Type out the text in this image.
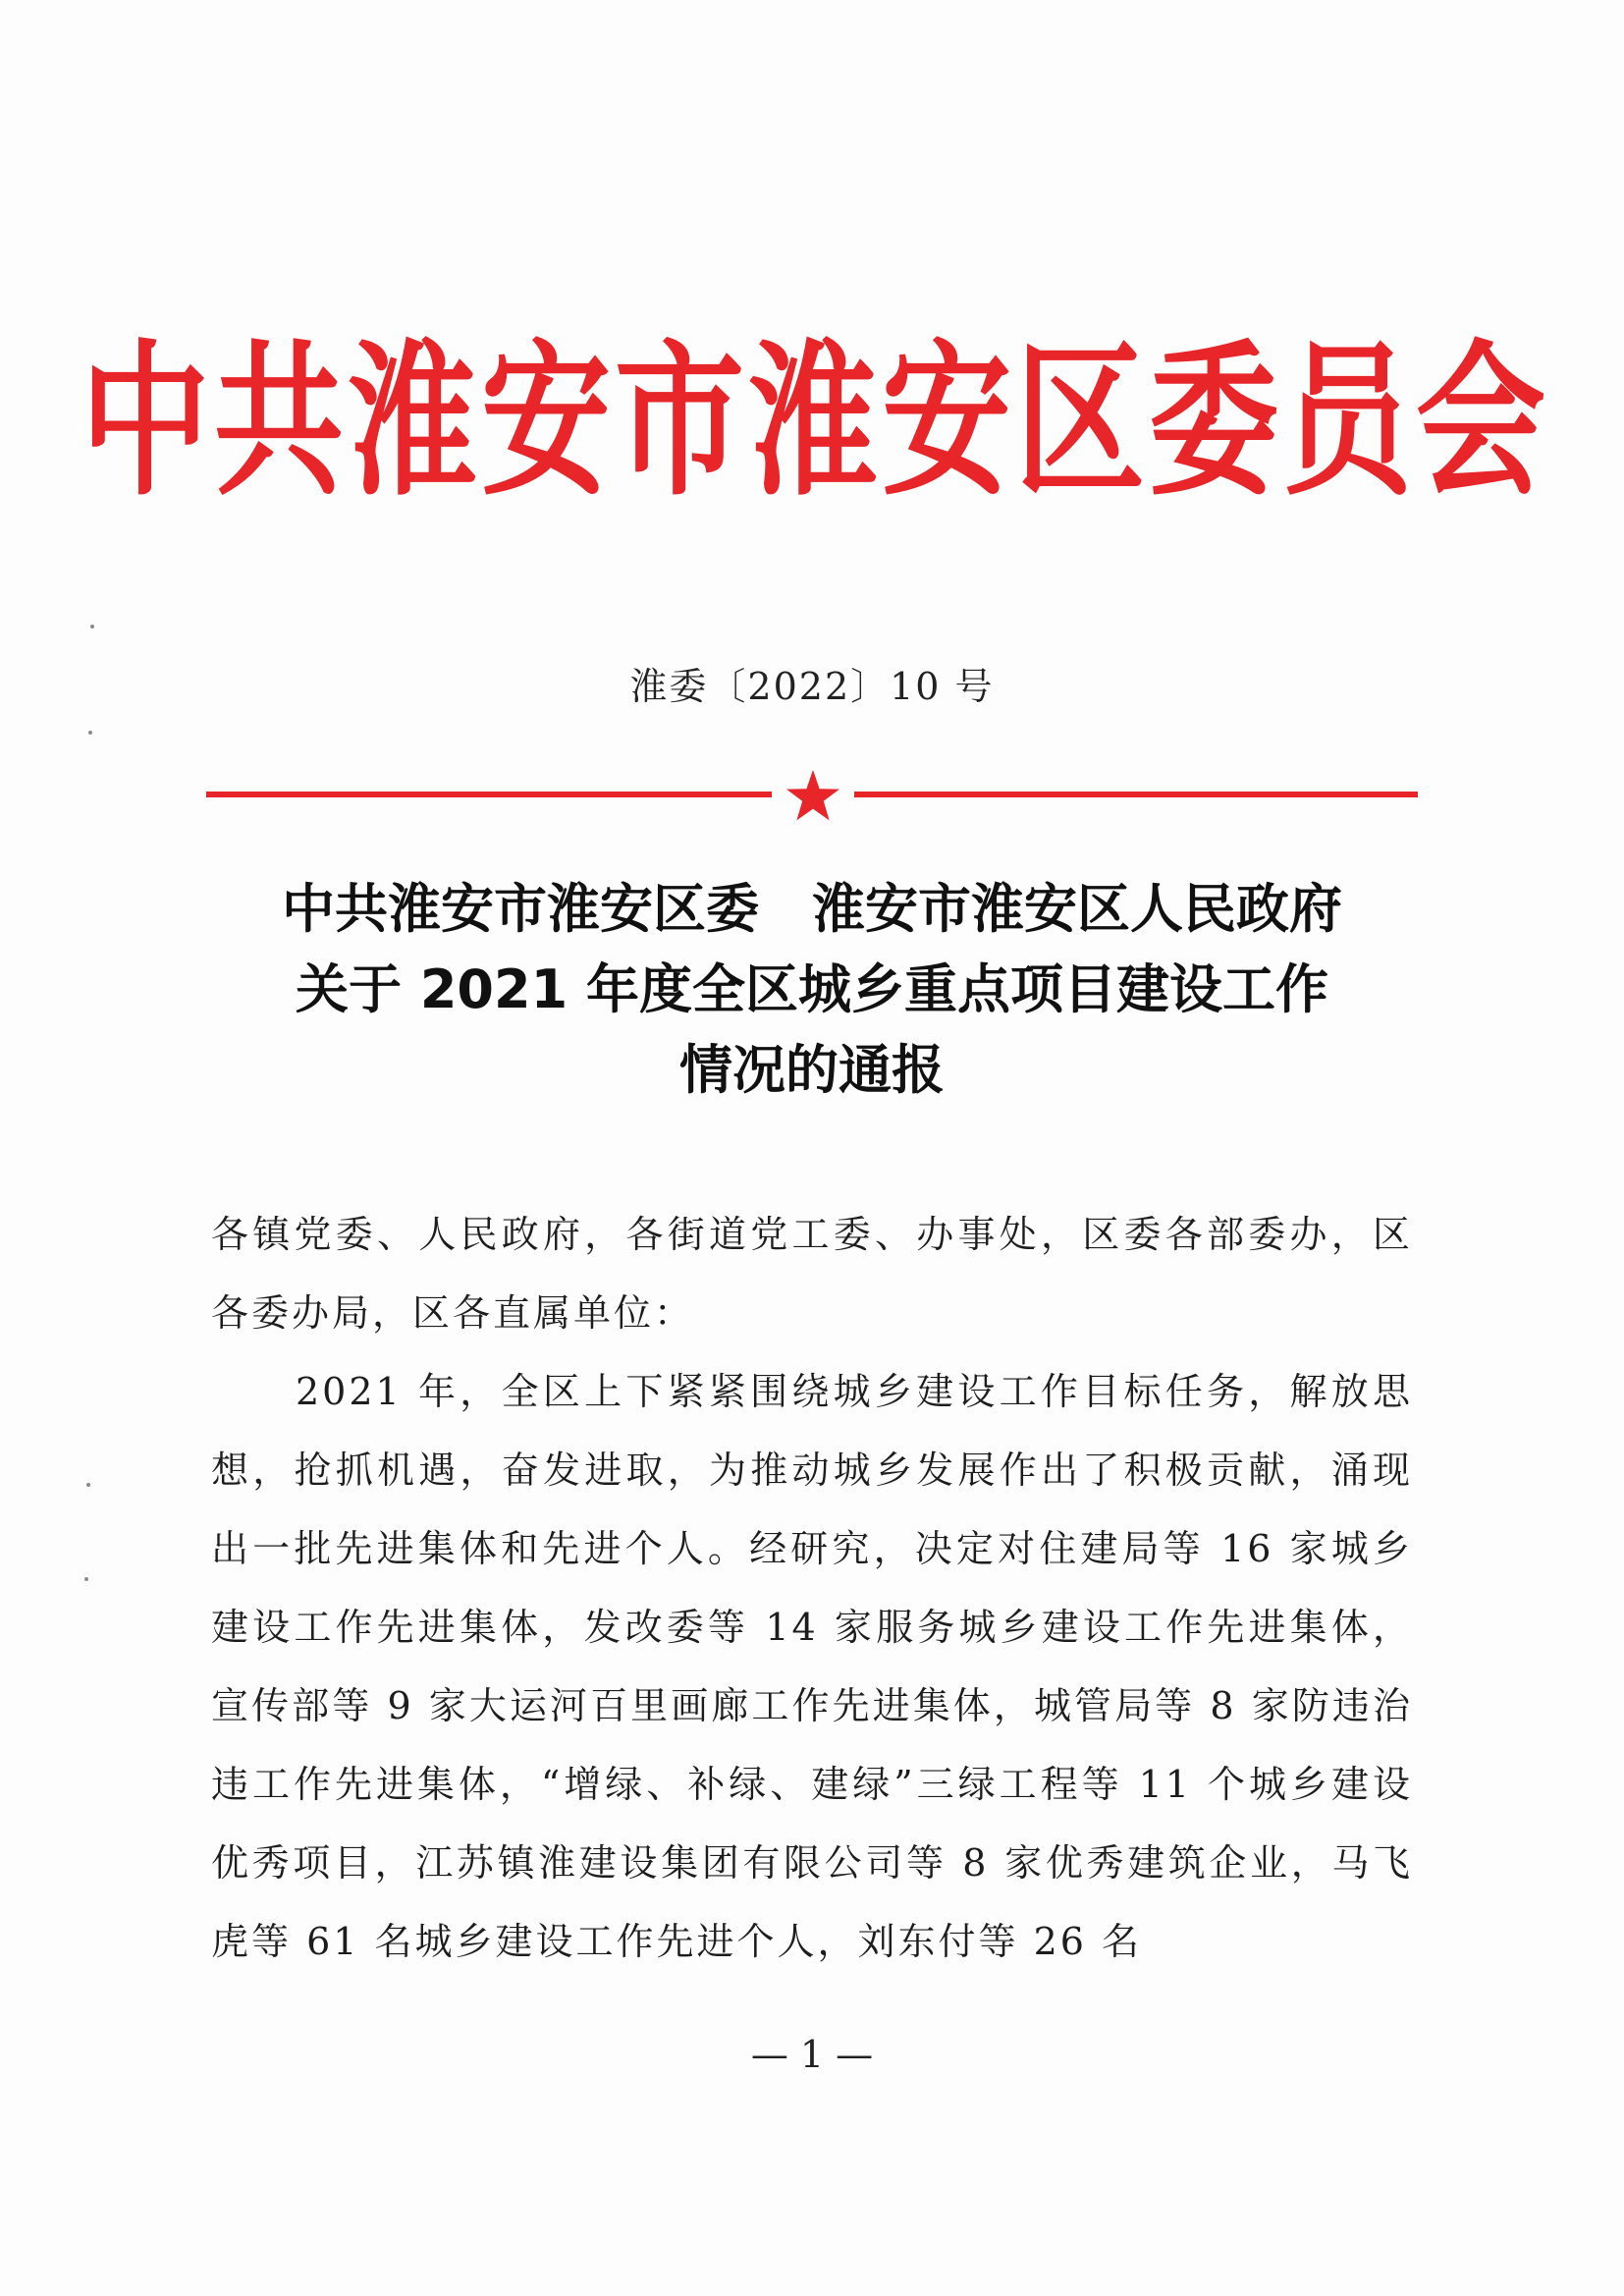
中共淮安市淮安区委员会
淮委〔2022〕10 号
中共淮安市淮安区委　淮安市淮安区人民政府
关于 2021 年度全区城乡重点项目建设工作
情况的通报

各镇党委、人民政府，各街道党工委、办事处，区委各部委办，区各委办局，区各直属单位：

2021 年，全区上下紧紧围绕城乡建设工作目标任务，解放思想，抢抓机遇，奋发进取，为推动城乡发展作出了积极贡献，涌现出一批先进集体和先进个人。经研究，决定对住建局等 16 家城乡建设工作先进集体，发改委等 14 家服务城乡建设工作先进集体，宣传部等 9 家大运河百里画廊工作先进集体，城管局等 8 家防违治违工作先进集体，“增绿、补绿、建绿”三绿工程等 11 个城乡建设优秀项目，江苏镇淮建设集团有限公司等 8 家优秀建筑企业，马飞虎等 61 名城乡建设工作先进个人，刘东付等 26 名

— 1 —
